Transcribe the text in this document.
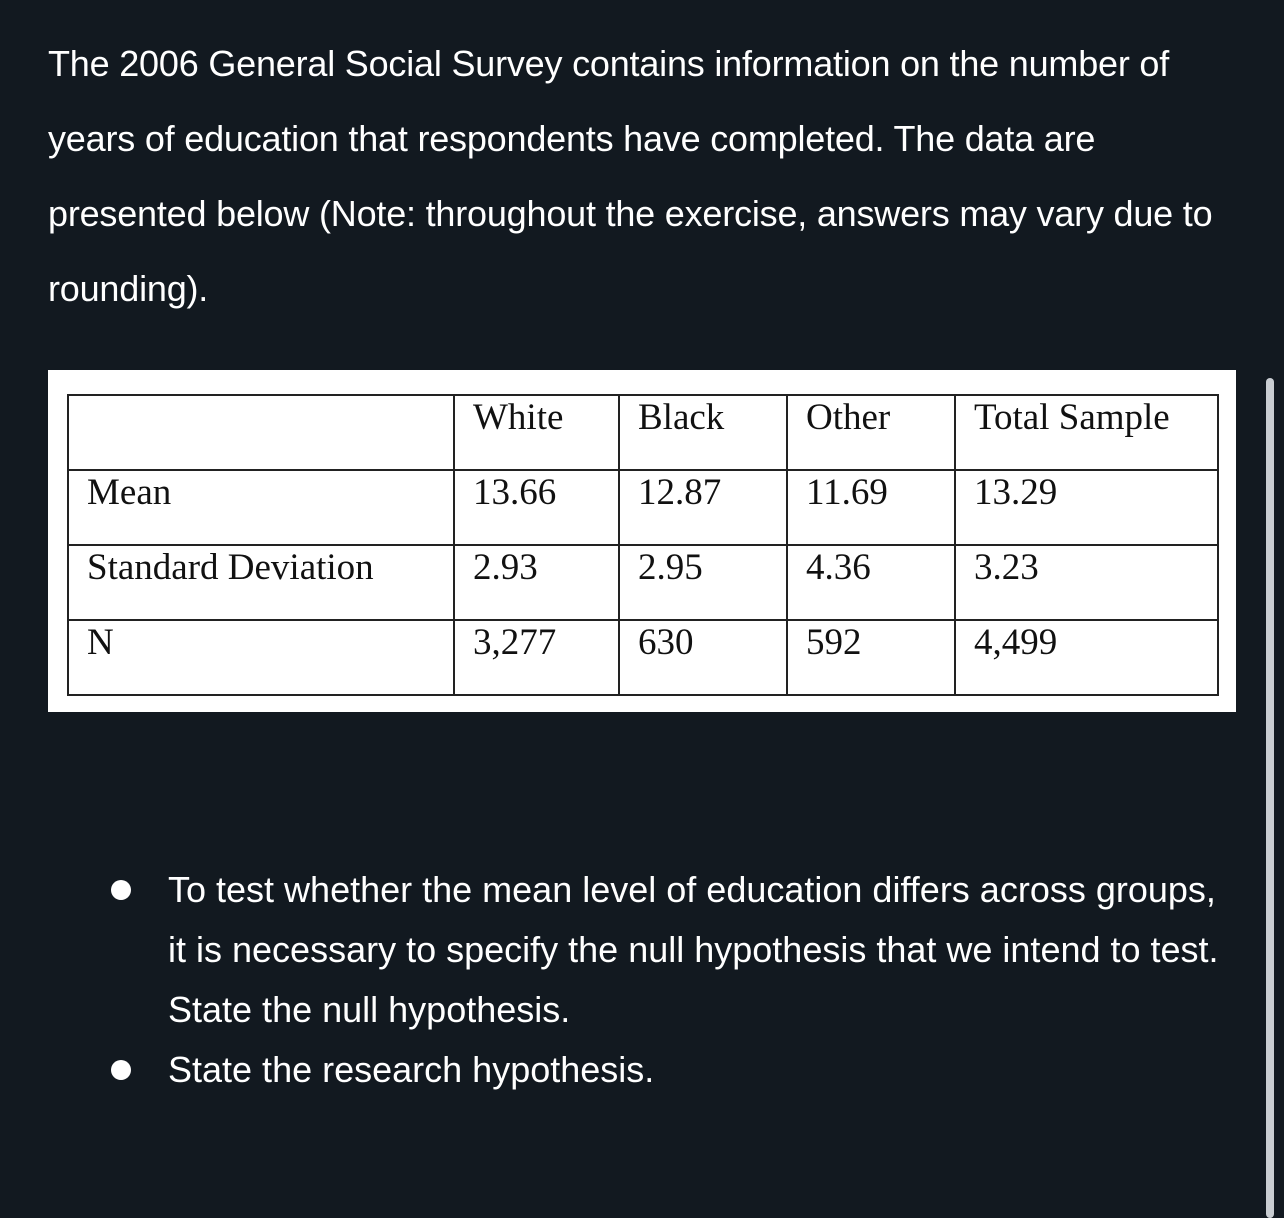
The 2006 General Social Survey contains information on the number of years of education that respondents have completed. The data are presented below (Note: throughout the exercise, answers may vary due to rounding).

	White	Black	Other	Total Sample
Mean	13.66	12.87	11.69	13.29
Standard Deviation	2.93	2.95	4.36	3.23
N	3,277	630	592	4,499
To test whether the mean level of education differs across groups, it is necessary to specify the null hypothesis that we intend to test. State the null hypothesis.
State the research hypothesis.
